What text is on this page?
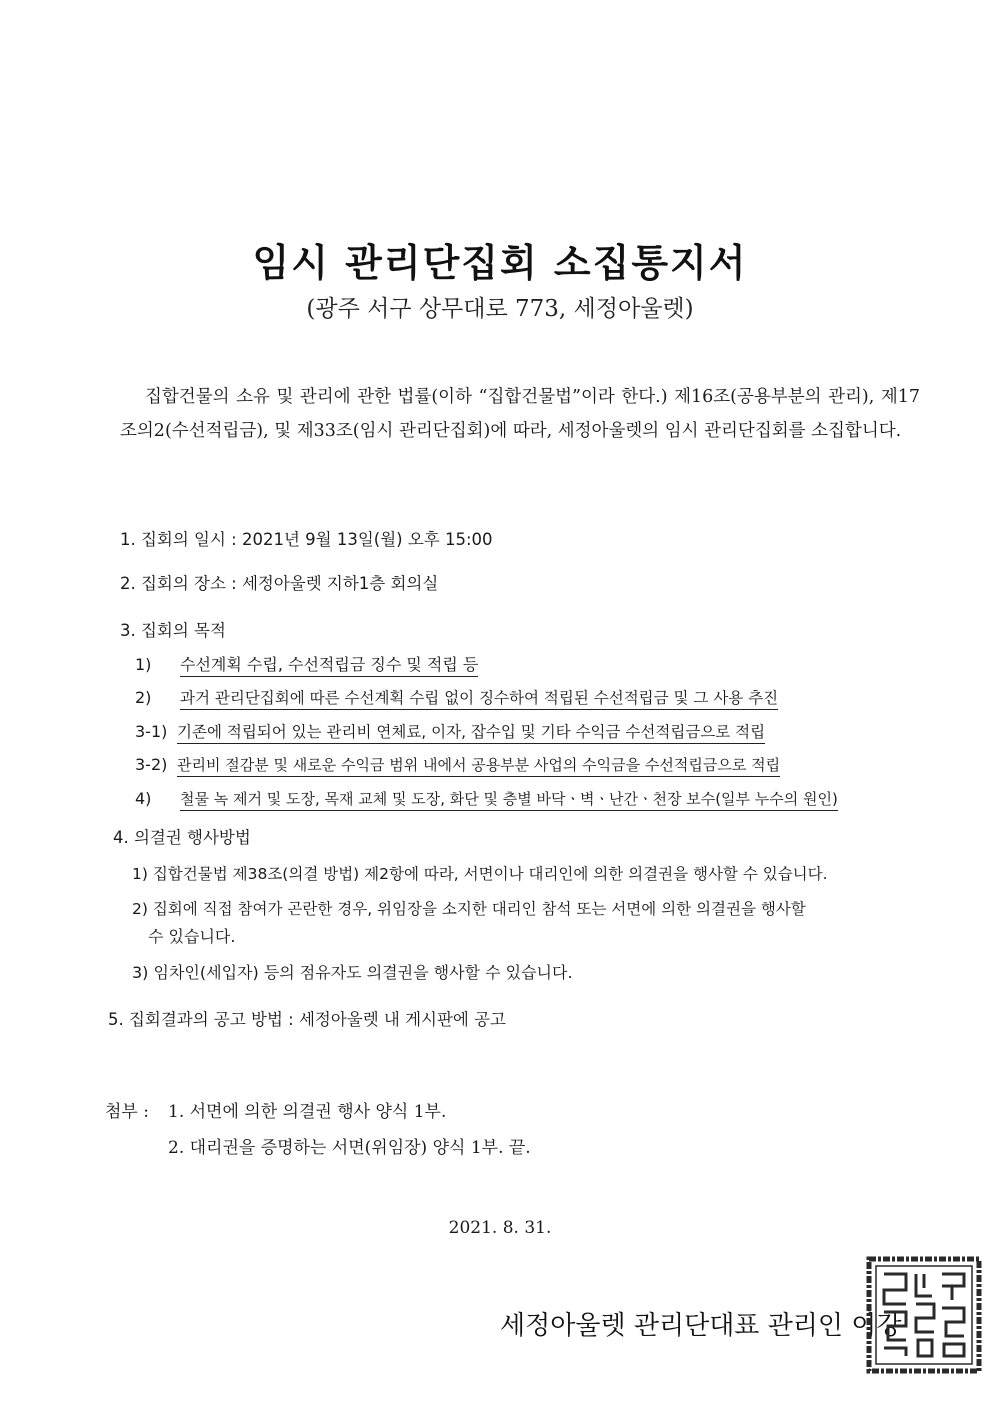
임시 관리단집회 소집통지서
(광주 서구 상무대로 773, 세정아울렛)
집합건물의 소유 및 관리에 관한 법률(이하 “집합건물법”이라 한다.) 제16조(공용부분의 관리), 제17조의2(수선적립금), 및 제33조(임시 관리단집회)에 따라, 세정아울렛의 임시 관리단집회를 소집합니다.
1. 집회의 일시 : 2021년 9월 13일(월) 오후 15:00
2. 집회의 장소 : 세정아울렛 지하1층 회의실
3. 집회의 목적
1) 수선계획 수립, 수선적립금 징수 및 적립 등
2) 과거 관리단집회에 따른 수선계획 수립 없이 징수하여 적립된 수선적립금 및 그 사용 추진
3-1) 기존에 적립되어 있는 관리비 연체료, 이자, 잡수입 및 기타 수익금 수선적립금으로 적립
3-2) 관리비 절감분 및 새로운 수익금 범위 내에서 공용부분 사업의 수익금을 수선적립금으로 적립
4) 철물 녹 제거 및 도장, 목재 교체 및 도장, 화단 및 층별 바닥ㆍ벽ㆍ난간ㆍ천장 보수(일부 누수의 원인)
4. 의결권 행사방법
1) 집합건물법 제38조(의결 방법) 제2항에 따라, 서면이나 대리인에 의한 의결권을 행사할 수 있습니다.
2) 집회에 직접 참여가 곤란한 경우, 위임장을 소지한 대리인 참석 또는 서면에 의한 의결권을 행사할
수 있습니다.
3) 임차인(세입자) 등의 점유자도 의결권을 행사할 수 있습니다.
5. 집회결과의 공고 방법 : 세정아울렛 내 게시판에 공고
첨부 : 1. 서면에 의한 의결권 행사 양식 1부.
2. 대리권을 증명하는 서면(위임장) 양식 1부. 끝.
2021. 8. 31.
세정아울렛 관리단대표 관리인 이강
